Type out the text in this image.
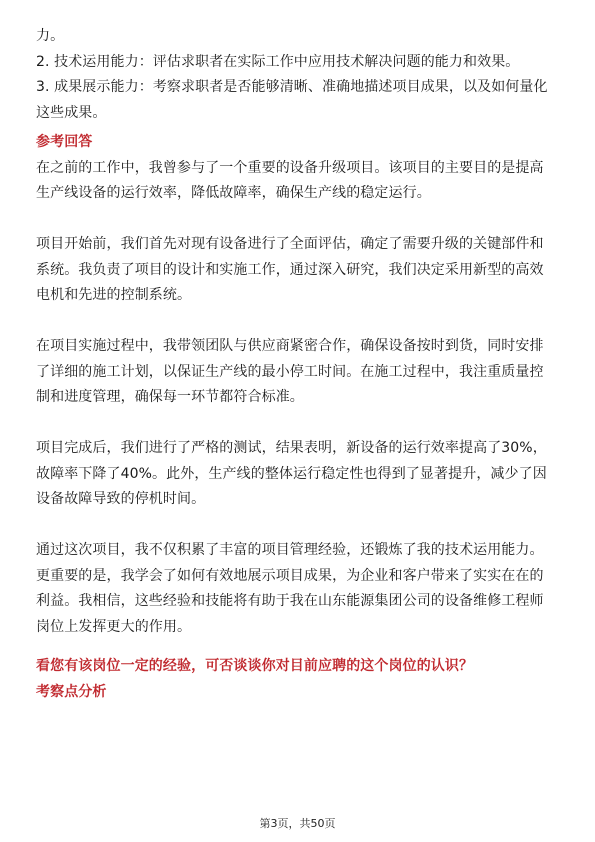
力。

2. 技术运用能力：评估求职者在实际工作中应用技术解决问题的能力和效果。

3. 成果展示能力：考察求职者是否能够清晰、准确地描述项目成果，以及如何量化

这些成果。

参考回答

在之前的工作中，我曾参与了一个重要的设备升级项目。该项目的主要目的是提高

生产线设备的运行效率，降低故障率，确保生产线的稳定运行。

项目开始前，我们首先对现有设备进行了全面评估，确定了需要升级的关键部件和

系统。我负责了项目的设计和实施工作，通过深入研究，我们决定采用新型的高效

电机和先进的控制系统。

在项目实施过程中，我带领团队与供应商紧密合作，确保设备按时到货，同时安排

了详细的施工计划，以保证生产线的最小停工时间。在施工过程中，我注重质量控

制和进度管理，确保每一环节都符合标准。

项目完成后，我们进行了严格的测试，结果表明，新设备的运行效率提高了30%，

故障率下降了40%。此外，生产线的整体运行稳定性也得到了显著提升，减少了因

设备故障导致的停机时间。

通过这次项目，我不仅积累了丰富的项目管理经验，还锻炼了我的技术运用能力。

更重要的是，我学会了如何有效地展示项目成果，为企业和客户带来了实实在在的

利益。我相信，这些经验和技能将有助于我在山东能源集团公司的设备维修工程师

岗位上发挥更大的作用。

看您有该岗位一定的经验，可否谈谈你对目前应聘的这个岗位的认识？

考察点分析

第3页，共50页
